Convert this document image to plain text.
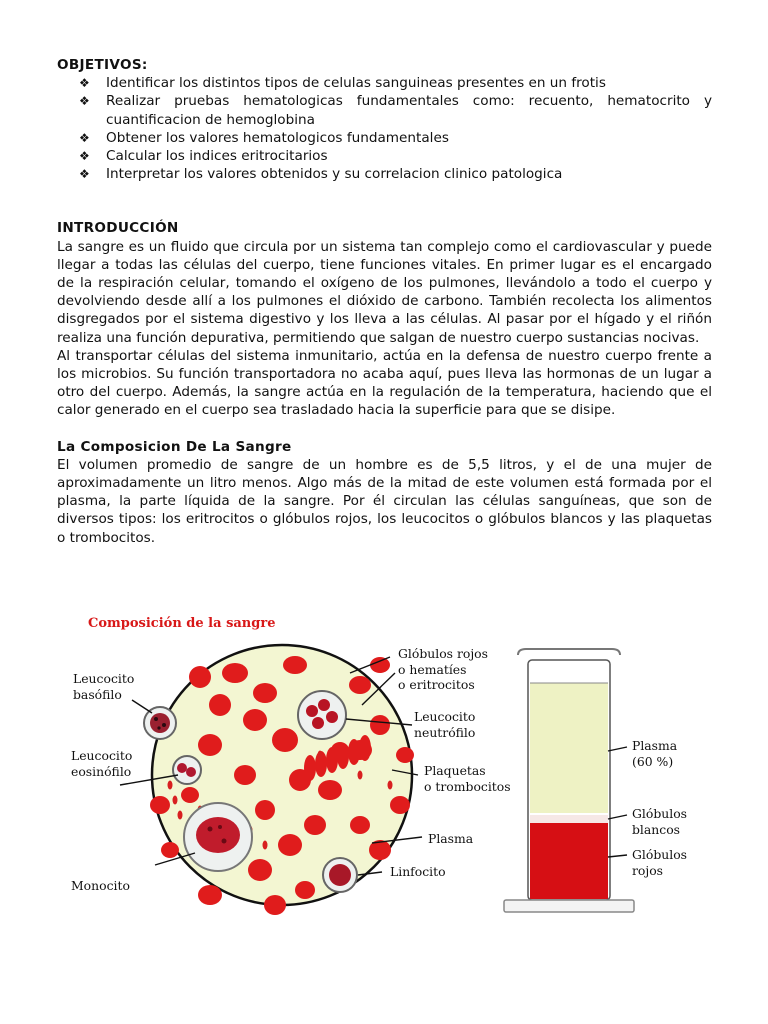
OBJETIVOS:
❖ Identificar los distintos tipos de celulas sanguineas presentes en un frotis
❖ Realizar pruebas hematologicas fundamentales como: recuento, hematocrito y cuantificacion de hemoglobina
❖ Obtener los valores hematologicos fundamentales
❖ Calcular los indices eritrocitarios
❖ Interpretar los valores obtenidos y su correlacion clinico patologica
INTRODUCCIÓN

La sangre es un fluido que circula por un sistema tan complejo como el cardiovascular y puede llegar a todas las células del cuerpo, tiene funciones vitales. En primer lugar es el encargado de la respiración celular, tomando el oxígeno de los pulmones, llevándolo a todo el cuerpo y devolviendo desde allí a los pulmones el dióxido de carbono. También recolecta los alimentos disgregados por el sistema digestivo y los lleva a las células. Al pasar por el hígado y el riñón realiza una función depurativa, permitiendo que salgan de nuestro cuerpo sustancias nocivas.

Al transportar células del sistema inmunitario, actúa en la defensa de nuestro cuerpo frente a los microbios. Su función transportadora no acaba aquí, pues lleva las hormonas de un lugar a otro del cuerpo. Además, la sangre actúa en la regulación de la temperatura, haciendo que el calor generado en el cuerpo sea trasladado hacia la superficie para que se disipe.

La Composicion De La Sangre

El volumen promedio de sangre de un hombre es de 5,5 litros, y el de una mujer de aproximadamente un litro menos. Algo más de la mitad de este volumen está formada por el plasma, la parte líquida de la sangre. Por él circulan las células sanguíneas, que son de diversos tipos: los eritrocitos o glóbulos rojos, los leucocitos o glóbulos blancos y las plaquetas o trombocitos.

Composición de la sangre
Leucocito
basófilo
Leucocito
eosinófilo
Monocito
Glóbulos rojos
o hematíes
o eritrocitos
Leucocito
neutrófilo
Plaquetas
o trombocitos
Plasma
Linfocito
Plasma
(60 %)
Glóbulos
blancos
Glóbulos
rojos
